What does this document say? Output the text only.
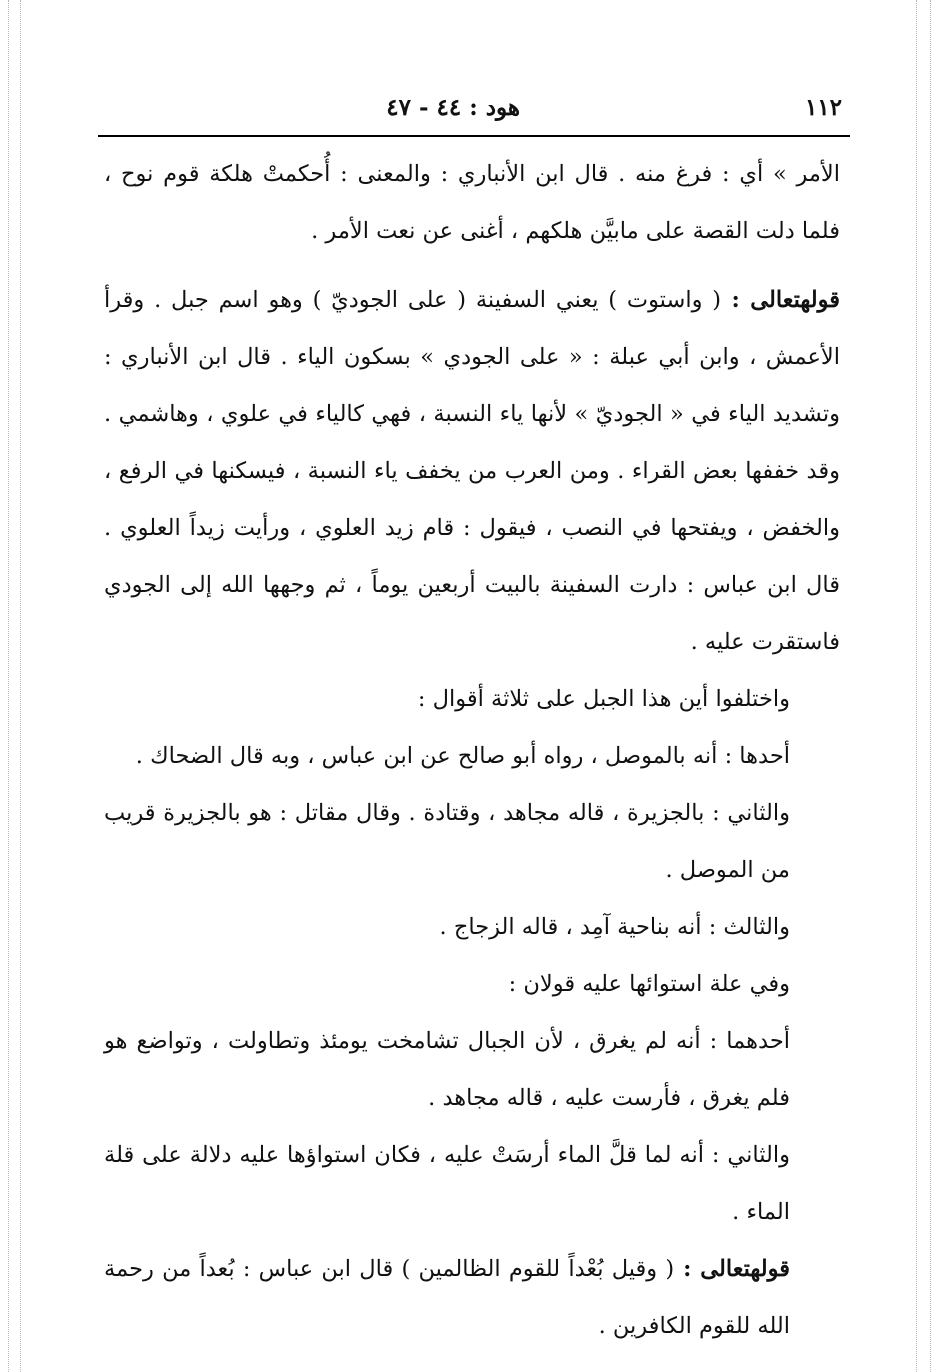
١١٢
هود : ٤٤ - ٤٧

الأمر » أي : فرغ منه . قال ابن الأنباري : والمعنى : أُحكمتْ هلكة قوم نوح ، فلما دلت القصة على مابيَّن هلكهم ، أغنى عن نعت الأمر .

قولهتعالى : ( واستوت ) يعني السفينة ( على الجوديّ ) وهو اسم جبل . وقرأ الأعمش ، وابن أبي عبلة : « على الجودي » بسكون الياء . قال ابن الأنباري : وتشديد الياء في « الجوديّ » لأنها ياء النسبة ، فهي كالياء في علوي ، وهاشمي . وقد خففها بعض القراء . ومن العرب من يخفف ياء النسبة ، فيسكنها في الرفع ، والخفض ، ويفتحها في النصب ، فيقول : قام زيد العلوي ، ورأيت زيداً العلوي . قال ابن عباس : دارت السفينة بالبيت أربعين يوماً ، ثم وجهها الله إلى الجودي فاستقرت عليه .

واختلفوا أين هذا الجبل على ثلاثة أقوال :

أحدها : أنه بالموصل ، رواه أبو صالح عن ابن عباس ، وبه قال الضحاك .

والثاني : بالجزيرة ، قاله مجاهد ، وقتادة . وقال مقاتل : هو بالجزيرة قريب من الموصل .

والثالث : أنه بناحية آمِد ، قاله الزجاج .

وفي علة استوائها عليه قولان :

أحدهما : أنه لم يغرق ، لأن الجبال تشامخت يومئذ وتطاولت ، وتواضع هو فلم يغرق ، فأرست عليه ، قاله مجاهد .

والثاني : أنه لما قلَّ الماء أرسَتْ عليه ، فكان استواؤها عليه دلالة على قلة الماء .

قولهتعالى : ( وقيل بُعْداً للقوم الظالمين ) قال ابن عباس : بُعداً من رحمة الله للقوم الكافرين .
